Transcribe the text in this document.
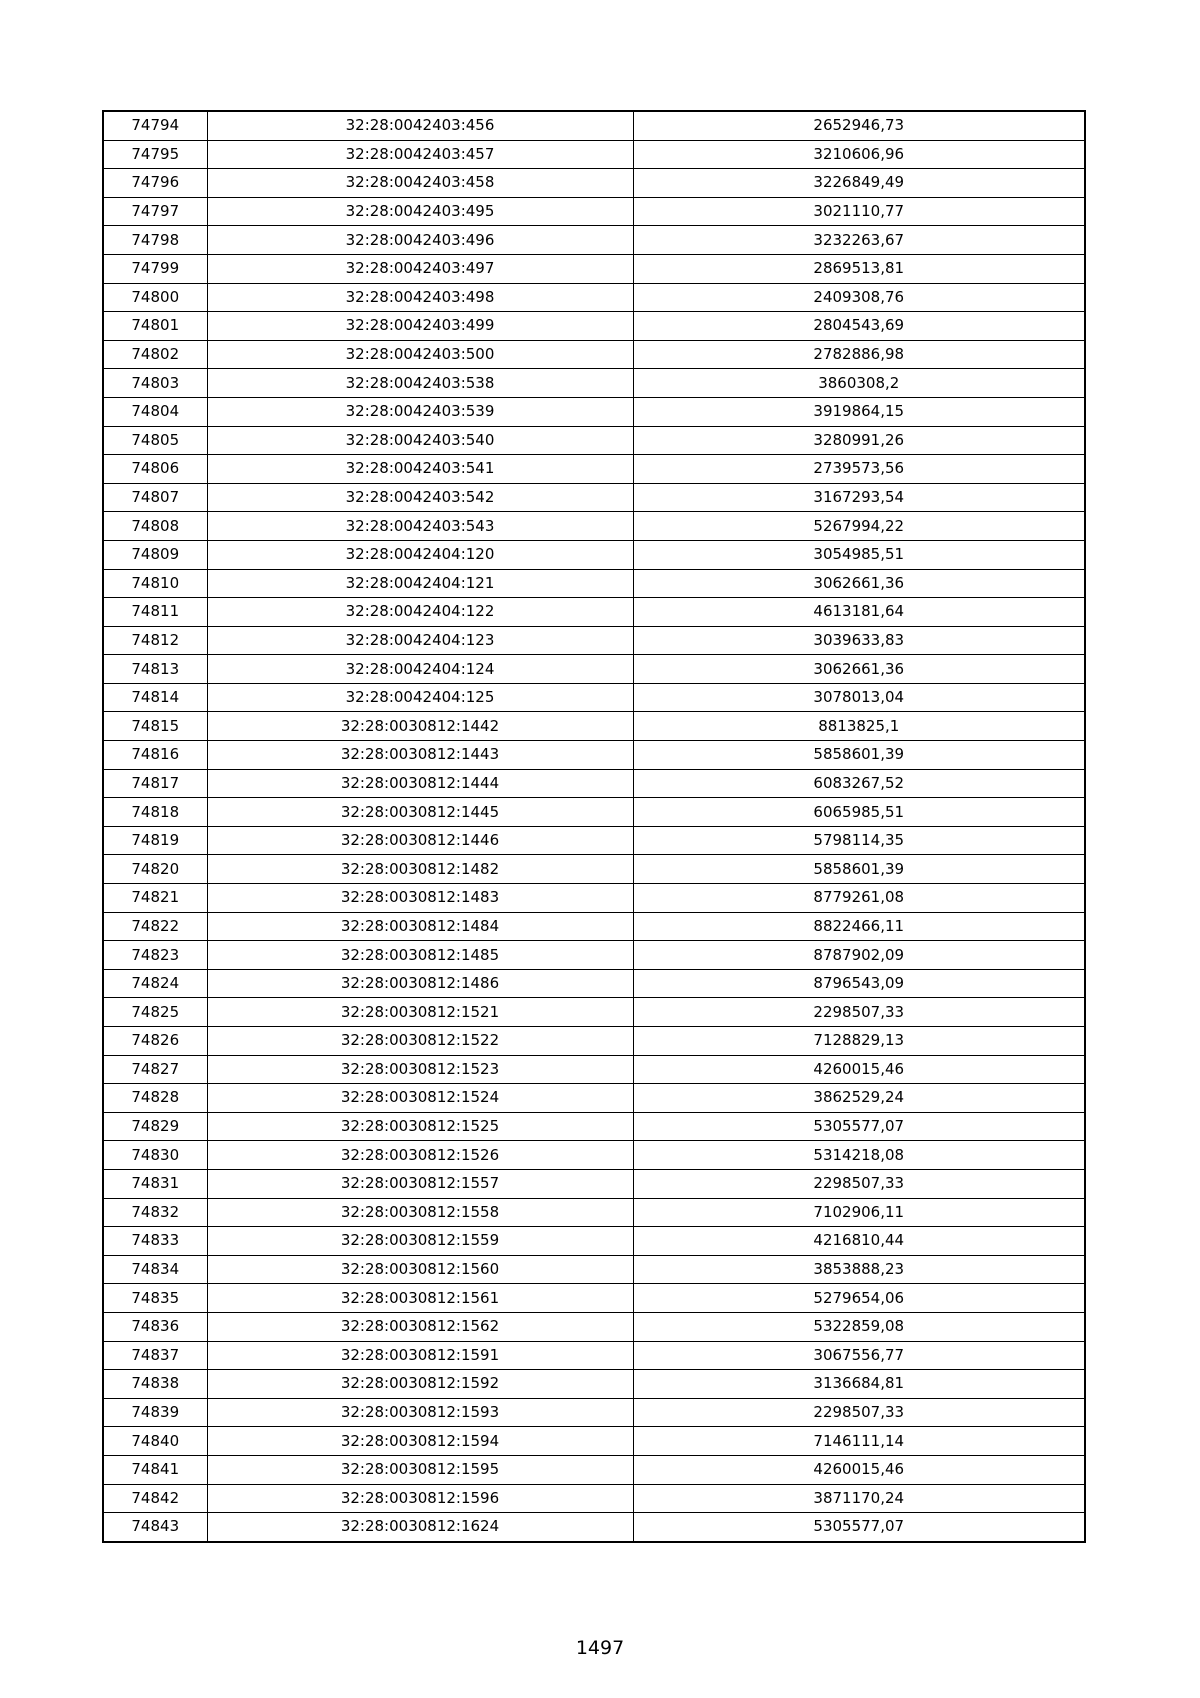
74794	32:28:0042403:456	2652946,73
74795	32:28:0042403:457	3210606,96
74796	32:28:0042403:458	3226849,49
74797	32:28:0042403:495	3021110,77
74798	32:28:0042403:496	3232263,67
74799	32:28:0042403:497	2869513,81
74800	32:28:0042403:498	2409308,76
74801	32:28:0042403:499	2804543,69
74802	32:28:0042403:500	2782886,98
74803	32:28:0042403:538	3860308,2
74804	32:28:0042403:539	3919864,15
74805	32:28:0042403:540	3280991,26
74806	32:28:0042403:541	2739573,56
74807	32:28:0042403:542	3167293,54
74808	32:28:0042403:543	5267994,22
74809	32:28:0042404:120	3054985,51
74810	32:28:0042404:121	3062661,36
74811	32:28:0042404:122	4613181,64
74812	32:28:0042404:123	3039633,83
74813	32:28:0042404:124	3062661,36
74814	32:28:0042404:125	3078013,04
74815	32:28:0030812:1442	8813825,1
74816	32:28:0030812:1443	5858601,39
74817	32:28:0030812:1444	6083267,52
74818	32:28:0030812:1445	6065985,51
74819	32:28:0030812:1446	5798114,35
74820	32:28:0030812:1482	5858601,39
74821	32:28:0030812:1483	8779261,08
74822	32:28:0030812:1484	8822466,11
74823	32:28:0030812:1485	8787902,09
74824	32:28:0030812:1486	8796543,09
74825	32:28:0030812:1521	2298507,33
74826	32:28:0030812:1522	7128829,13
74827	32:28:0030812:1523	4260015,46
74828	32:28:0030812:1524	3862529,24
74829	32:28:0030812:1525	5305577,07
74830	32:28:0030812:1526	5314218,08
74831	32:28:0030812:1557	2298507,33
74832	32:28:0030812:1558	7102906,11
74833	32:28:0030812:1559	4216810,44
74834	32:28:0030812:1560	3853888,23
74835	32:28:0030812:1561	5279654,06
74836	32:28:0030812:1562	5322859,08
74837	32:28:0030812:1591	3067556,77
74838	32:28:0030812:1592	3136684,81
74839	32:28:0030812:1593	2298507,33
74840	32:28:0030812:1594	7146111,14
74841	32:28:0030812:1595	4260015,46
74842	32:28:0030812:1596	3871170,24
74843	32:28:0030812:1624	5305577,07
1497
